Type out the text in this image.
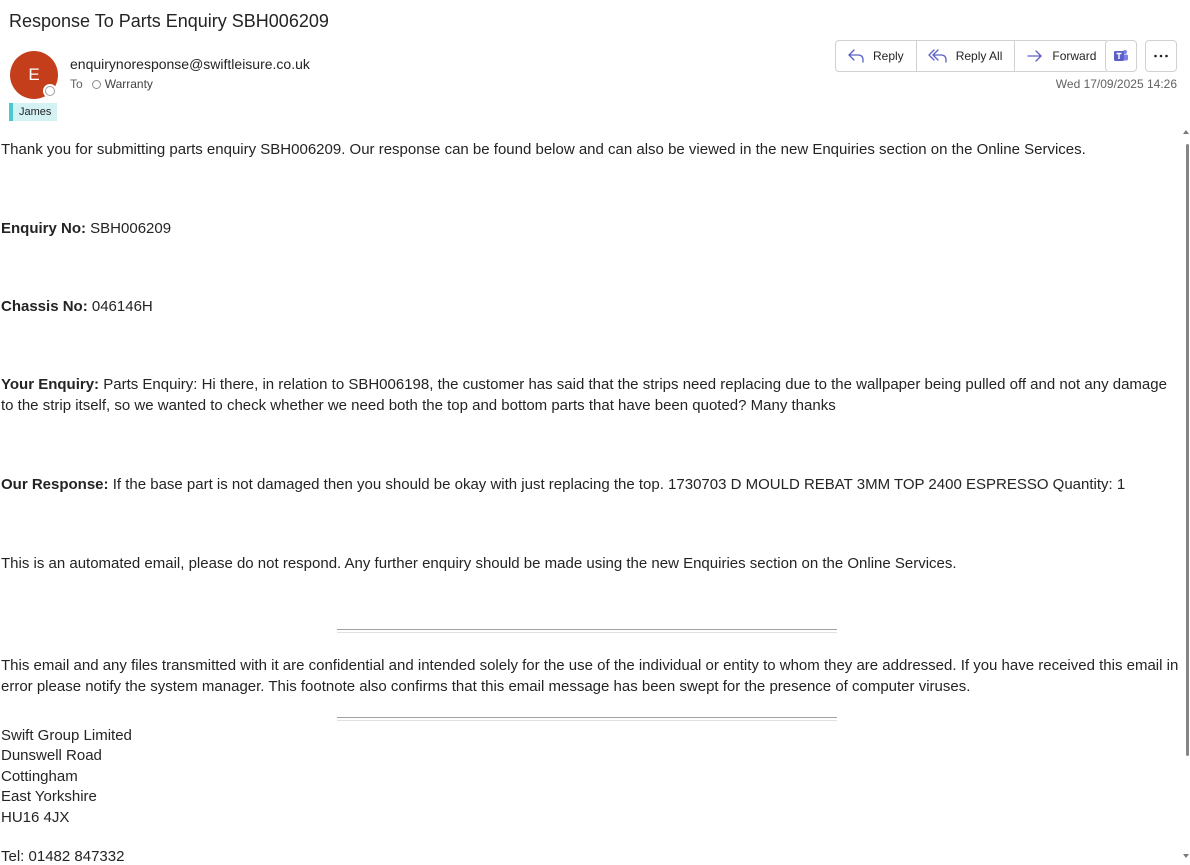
Response To Parts Enquiry SBH006209
E
enquirynoresponse@swiftleisure.co.uk
To Warranty
James
Reply	Reply All	Forward
Wed 17/09/2025 14:26
Thank you for submitting parts enquiry SBH006209. Our response can be found below and can also be viewed in the new Enquiries section on the Online Services.
Enquiry No: SBH006209
Chassis No: 046146H
Your Enquiry: Parts Enquiry: Hi there, in relation to SBH006198, the customer has said that the strips need replacing due to the wallpaper being pulled off and not any damage to the strip itself, so we wanted to check whether we need both the top and bottom parts that have been quoted? Many thanks
Our Response: If the base part is not damaged then you should be okay with just replacing the top. 1730703 D MOULD REBAT 3MM TOP 2400 ESPRESSO Quantity: 1
This is an automated email, please do not respond. Any further enquiry should be made using the new Enquiries section on the Online Services.
This email and any files transmitted with it are confidential and intended solely for the use of the individual or entity to whom they are addressed. If you have received this email in error please notify the system manager. This footnote also confirms that this email message has been swept for the presence of computer viruses.
Swift Group Limited
Dunswell Road
Cottingham
East Yorkshire
HU16 4JX
Tel: 01482 847332
